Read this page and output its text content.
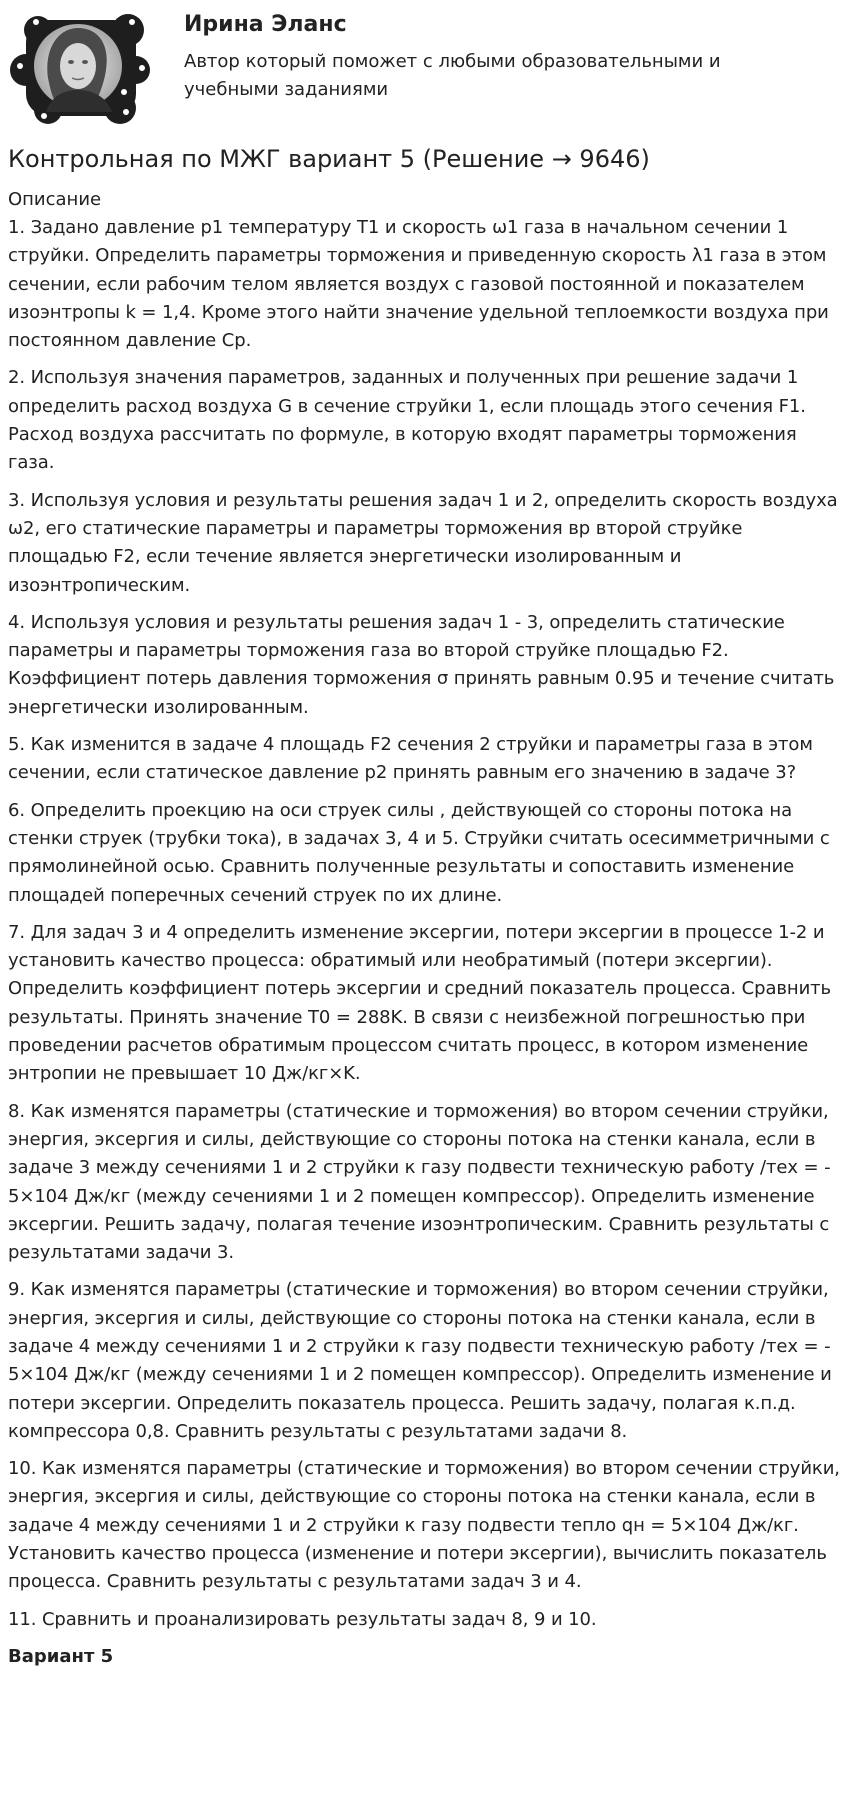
Ирина Эланс
Автор который поможет с любыми образовательными и учебными заданиями
Контрольная по МЖГ вариант 5 (Решение → 9646)
Описание

1. Задано давление p1 температуру T1 и скорость ω1 газа в начальном сечении 1 струйки. Определить параметры торможения и приведенную скорость λ1 газа в этом сечении, если рабочим телом является воздух с газовой постоянной и показателем изоэнтропы k = 1,4. Кроме этого найти значение удельной теплоемкости воздуха при постоянном давление Cp.

2. Используя значения параметров, заданных и полученных при решение задачи 1 определить расход воздуха G в сечение струйки 1, если площадь этого сечения F1. Расход воздуха рассчитать по формуле, в которую входят параметры торможения газа.

3. Используя условия и результаты решения задач 1 и 2, определить скорость воздуха ω2, его статические параметры и параметры торможения вр второй струйке площадью F2, если течение является энергетически изолированным и изоэнтропическим.

4. Используя условия и результаты решения задач 1 - 3, определить статические параметры и параметры торможения газа во второй струйке площадью F2. Коэффициент потерь давления торможения σ принять равным 0.95 и течение считать энергетически изолированным.

5. Как изменится в задаче 4 площадь F2 сечения 2 струйки и параметры газа в этом сечении, если статическое давление p2 принять равным его значению в задаче 3?

6. Определить проекцию на оси струек силы , действующей со стороны потока на стенки струек (трубки тока), в задачах 3, 4 и 5. Струйки считать осесимметричными с прямолинейной осью. Сравнить полученные результаты и сопоставить изменение площадей поперечных сечений струек по их длине.

7. Для задач 3 и 4 определить изменение эксергии, потери эксергии в процессе 1-2 и установить качество процесса: обратимый или необратимый (потери эксергии). Определить коэффициент потерь эксергии и средний показатель процесса. Сравнить результаты. Принять значение T0 = 288K. В связи с неизбежной погрешностью при проведении расчетов обратимым процессом считать процесс, в котором изменение энтропии не превышает 10 Дж/кг×K.

8. Как изменятся параметры (статические и торможения) во втором сечении струйки, энергия, эксергия и силы, действующие со стороны потока на стенки канала, если в задаче 3 между сечениями 1 и 2 струйки к газу подвести техническую работу /тех = - 5×104 Дж/кг (между сечениями 1 и 2 помещен компрессор). Определить изменение эксергии. Решить задачу, полагая течение изоэнтропическим. Сравнить результаты с результатами задачи 3.

9. Как изменятся параметры (статические и торможения) во втором сечении струйки, энергия, эксергия и силы, действующие со стороны потока на стенки канала, если в задаче 4 между сечениями 1 и 2 струйки к газу подвести техническую работу /тех = - 5×104 Дж/кг (между сечениями 1 и 2 помещен компрессор). Определить изменение и потери эксергии. Определить показатель процесса. Решить задачу, полагая к.п.д. компрессора 0,8. Сравнить результаты с результатами задачи 8.

10. Как изменятся параметры (статические и торможения) во втором сечении струйки, энергия, эксергия и силы, действующие со стороны потока на стенки канала, если в задаче 4 между сечениями 1 и 2 струйки к газу подвести тепло qн = 5×104 Дж/кг. Установить качество процесса (изменение и потери эксергии), вычислить показатель процесса. Сравнить результаты с результатами задач 3 и 4.

11. Сравнить и проанализировать результаты задач 8, 9 и 10.

Вариант 5
